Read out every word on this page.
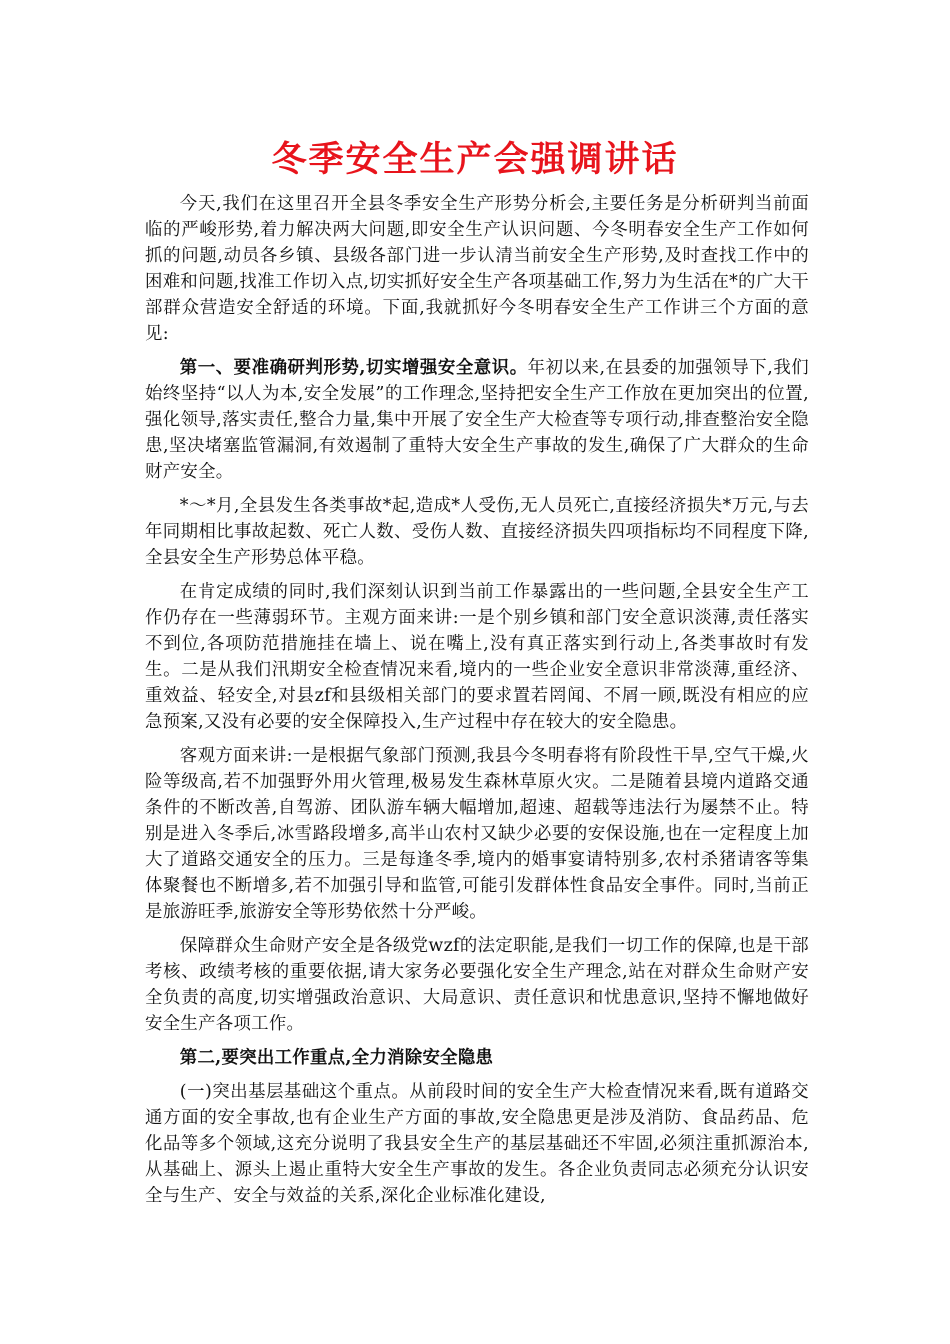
冬季安全生产会强调讲话

今天,我们在这里召开全县冬季安全生产形势分析会,主要任务是分析研判当前面临的严峻形势,着力解决两大问题,即安全生产认识问题、今冬明春安全生产工作如何抓的问题,动员各乡镇、县级各部门进一步认清当前安全生产形势,及时查找工作中的困难和问题,找准工作切入点,切实抓好安全生产各项基础工作,努力为生活在*的广大干部群众营造安全舒适的环境。下面,我就抓好今冬明春安全生产工作讲三个方面的意见:

第一、要准确研判形势,切实增强安全意识。年初以来,在县委的加强领导下,我们始终坚持“以人为本,安全发展”的工作理念,坚持把安全生产工作放在更加突出的位置,强化领导,落实责任,整合力量,集中开展了安全生产大检查等专项行动,排查整治安全隐患,坚决堵塞监管漏洞,有效遏制了重特大安全生产事故的发生,确保了广大群众的生命财产安全。

*～*月,全县发生各类事故*起,造成*人受伤,无人员死亡,直接经济损失*万元,与去年同期相比事故起数、死亡人数、受伤人数、直接经济损失四项指标均不同程度下降,全县安全生产形势总体平稳。

在肯定成绩的同时,我们深刻认识到当前工作暴露出的一些问题,全县安全生产工作仍存在一些薄弱环节。主观方面来讲:一是个别乡镇和部门安全意识淡薄,责任落实不到位,各项防范措施挂在墙上、说在嘴上,没有真正落实到行动上,各类事故时有发生。二是从我们汛期安全检查情况来看,境内的一些企业安全意识非常淡薄,重经济、重效益、轻安全,对县zf和县级相关部门的要求置若罔闻、不屑一顾,既没有相应的应急预案,又没有必要的安全保障投入,生产过程中存在较大的安全隐患。

客观方面来讲:一是根据气象部门预测,我县今冬明春将有阶段性干旱,空气干燥,火险等级高,若不加强野外用火管理,极易发生森林草原火灾。二是随着县境内道路交通条件的不断改善,自驾游、团队游车辆大幅增加,超速、超载等违法行为屡禁不止。特别是进入冬季后,冰雪路段增多,高半山农村又缺少必要的安保设施,也在一定程度上加大了道路交通安全的压力。三是每逢冬季,境内的婚事宴请特别多,农村杀猪请客等集体聚餐也不断增多,若不加强引导和监管,可能引发群体性食品安全事件。同时,当前正是旅游旺季,旅游安全等形势依然十分严峻。

保障群众生命财产安全是各级党wzf的法定职能,是我们一切工作的保障,也是干部考核、政绩考核的重要依据,请大家务必要强化安全生产理念,站在对群众生命财产安全负责的高度,切实增强政治意识、大局意识、责任意识和忧患意识,坚持不懈地做好安全生产各项工作。

第二,要突出工作重点,全力消除安全隐患

(一)突出基层基础这个重点。从前段时间的安全生产大检查情况来看,既有道路交通方面的安全事故,也有企业生产方面的事故,安全隐患更是涉及消防、食品药品、危化品等多个领域,这充分说明了我县安全生产的基层基础还不牢固,必须注重抓源治本,从基础上、源头上遏止重特大安全生产事故的发生。各企业负责同志必须充分认识安全与生产、安全与效益的关系,深化企业标准化建设,
